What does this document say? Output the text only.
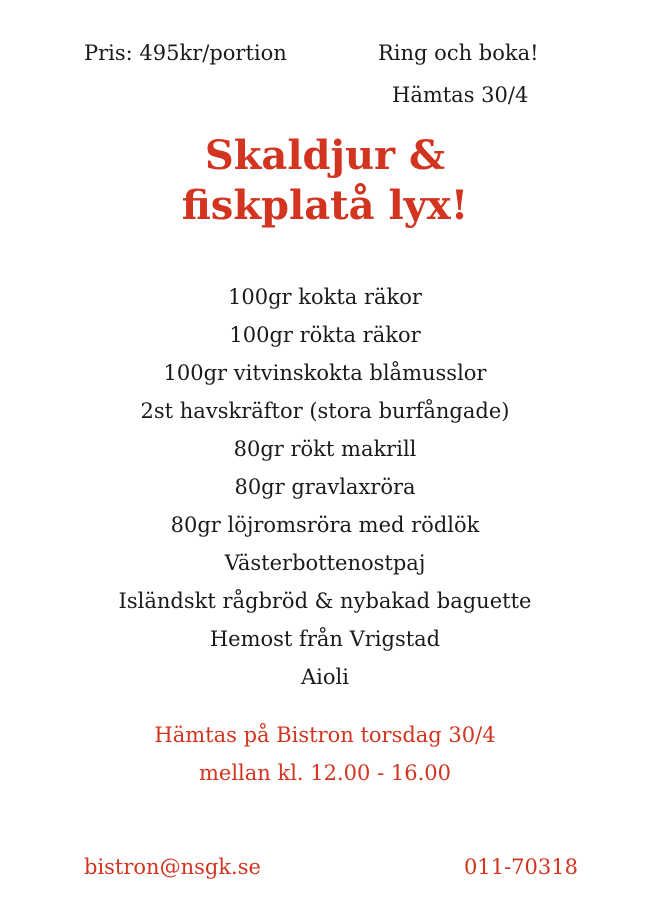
Pris: 495kr/portion	Ring och boka!
Hämtas 30/4
Skaldjur &
fiskplatå lyx!
100gr kokta räkor
100gr rökta räkor
100gr vitvinskokta blåmusslor
2st havskräftor (stora burfångade)
80gr rökt makrill
80gr gravlaxröra
80gr löjromsröra med rödlök
Västerbottenostpaj
Isländskt rågbröd & nybakad baguette
Hemost från Vrigstad
Aioli
Hämtas på Bistron torsdag 30/4
mellan kl. 12.00 - 16.00
bistron@nsgk.se	011-70318
